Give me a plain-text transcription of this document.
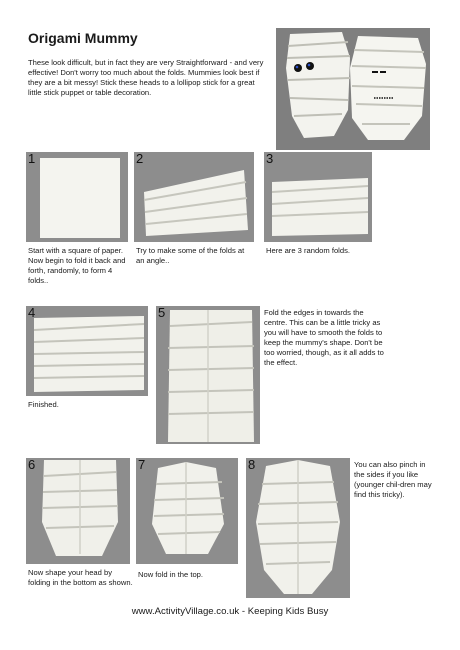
Origami Mummy

These look difficult, but in fact they are very Straightforward - and very effective! Don't worry too much about the folds. Mummies look best if they are a bit messy! Stick these heads to a lollipop stick for a great little stick puppet or table decoration.

1

Start with a square of paper. Now begin to fold it back and forth, randomly, to form 4 folds..

2

Try to make some of the folds at an angle..

3

Here are 3 random folds.

4

Finished.

5	Fold the edges in towards the centre. This can be a little tricky as you will have to smooth the folds to keep the mummy's shape. Don't be too worried, though, as it all adds to the effect.

6

Now shape your head by folding in the bottom as shown.

7

Now fold in the top.

8	You can also pinch in the sides if you like (younger chil-dren may find this tricky).

www.ActivityVillage.co.uk - Keeping Kids Busy
